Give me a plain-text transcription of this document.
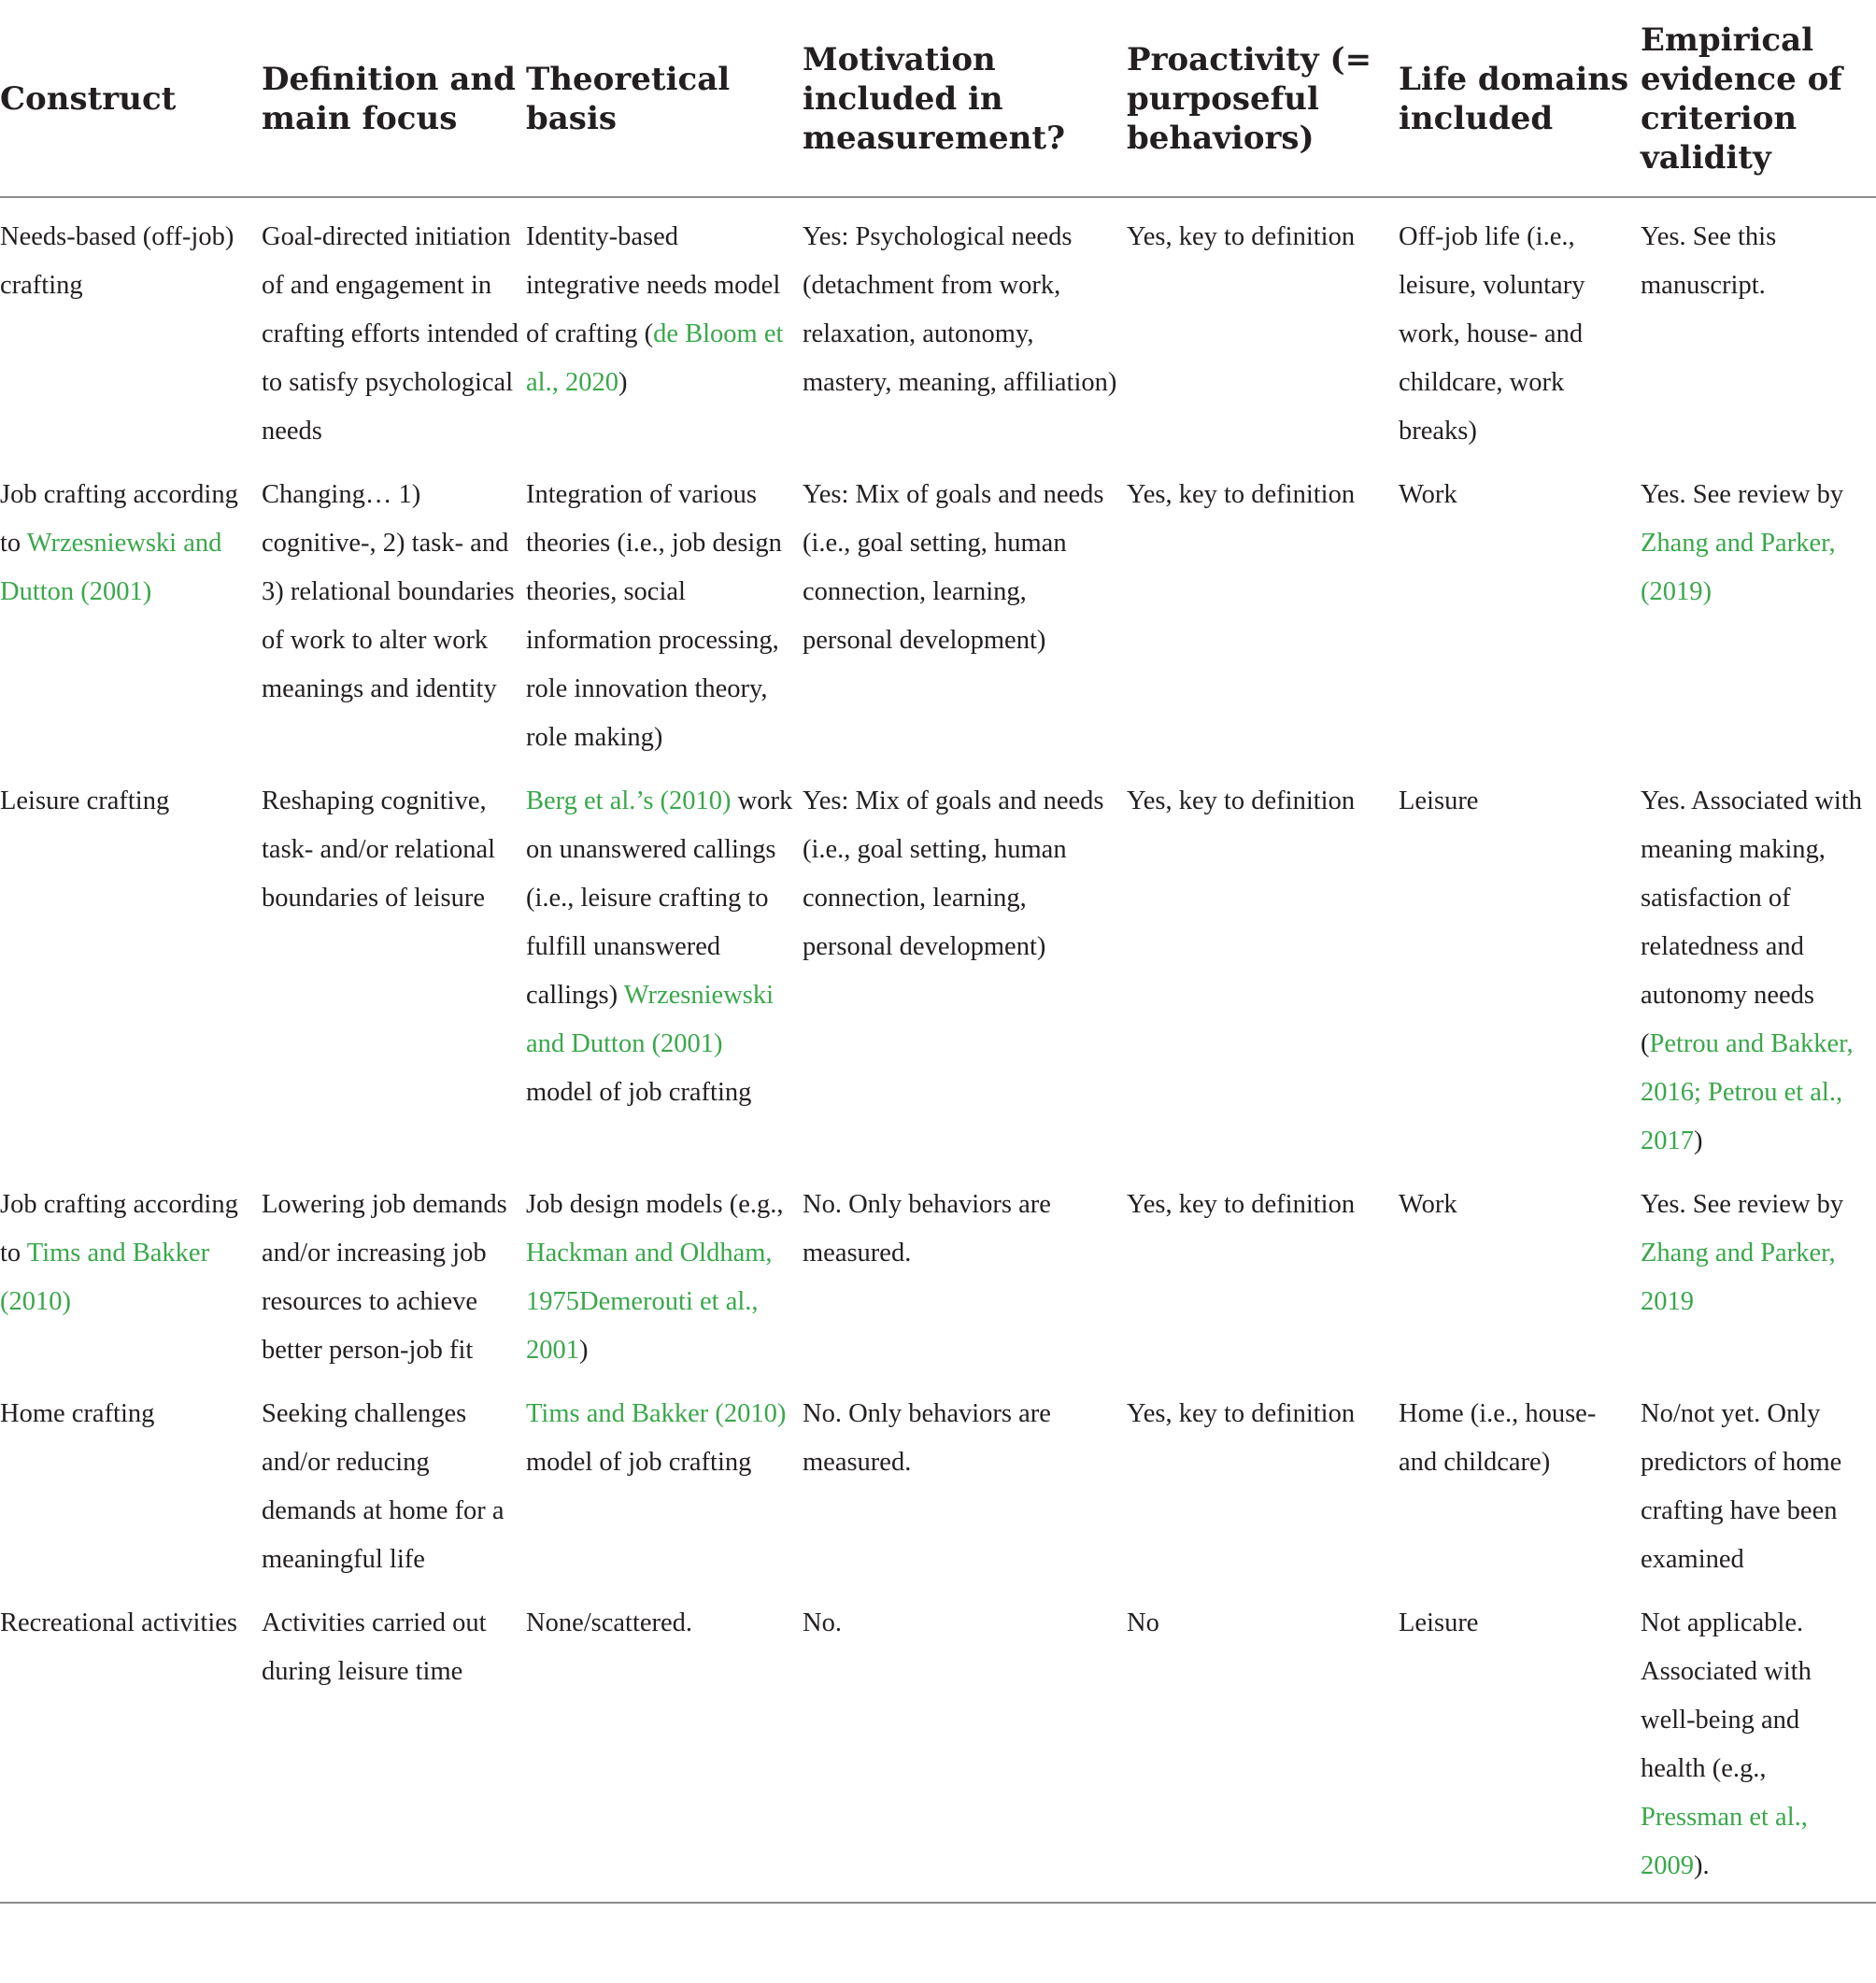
Construct	Definition and main focus	Theoretical basis	Motivation included in measurement?	Proactivity (= purposeful behaviors)	Life domains included	Empirical evidence of criterion validity

Needs-based (off-job) crafting	Goal-directed initiation of and engagement in crafting efforts intended to satisfy psychological needs	Identity-based integrative needs model of crafting (de Bloom et al., 2020)	Yes: Psychological needs (detachment from work, relaxation, autonomy, mastery, meaning, affiliation)	Yes, key to definition	Off-job life (i.e., leisure, voluntary work, house- and childcare, work breaks)	Yes. See this manuscript.
Job crafting according to Wrzesniewski and Dutton (2001)	Changing… 1) cognitive-, 2) task- and 3) relational boundaries of work to alter work meanings and identity	Integration of various theories (i.e., job design theories, social information processing, role innovation theory, role making)	Yes: Mix of goals and needs (i.e., goal setting, human connection, learning, personal development)	Yes, key to definition	Work	Yes. See review by Zhang and Parker, (2019)
Leisure crafting	Reshaping cognitive, task- and/or relational boundaries of leisure	Berg et al.’s (2010) work on unanswered callings (i.e., leisure crafting to fulfill unanswered callings) Wrzesniewski and Dutton (2001) model of job crafting	Yes: Mix of goals and needs (i.e., goal setting, human connection, learning, personal development)	Yes, key to definition	Leisure	Yes. Associated with meaning making, satisfaction of relatedness and autonomy needs (Petrou and Bakker, 2016; Petrou et al., 2017)
Job crafting according to Tims and Bakker (2010)	Lowering job demands and/or increasing job resources to achieve better person-job fit	Job design models (e.g., Hackman and Oldham, 1975Demerouti et al., 2001)	No. Only behaviors are measured.	Yes, key to definition	Work	Yes. See review by Zhang and Parker, 2019
Home crafting	Seeking challenges and/or reducing demands at home for a meaningful life	Tims and Bakker (2010) model of job crafting	No. Only behaviors are measured.	Yes, key to definition	Home (i.e., house- and childcare)	No/not yet. Only predictors of home crafting have been examined
Recreational activities	Activities carried out during leisure time	None/scattered.	No.	No	Leisure	Not applicable. Associated with well-being and health (e.g., Pressman et al., 2009).
